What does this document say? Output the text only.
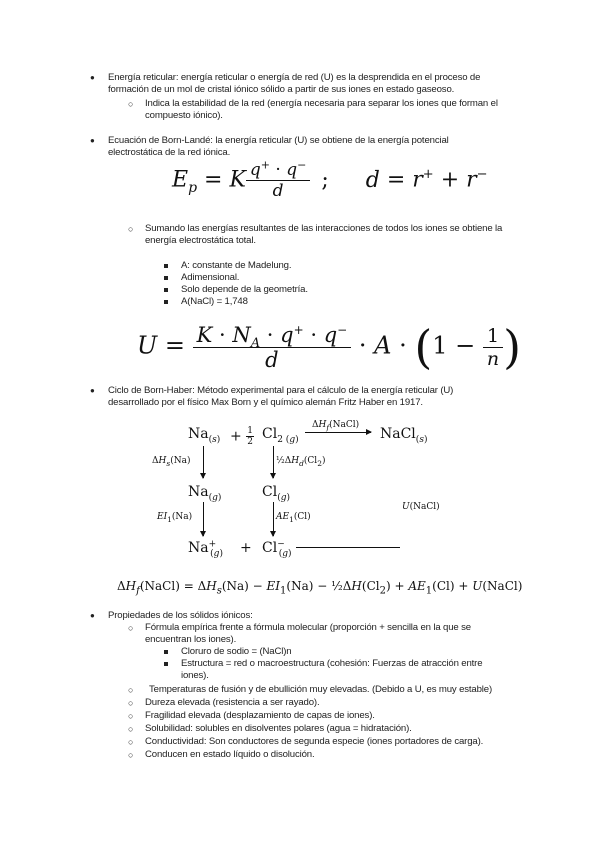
● Energía reticular: energía reticular o energía de red (U) es la desprendida en el proceso de
formación de un mol de cristal iónico sólido a partir de sus iones en estado gaseoso.
○ Indica la estabilidad de la red (energía necesaria para separar los iones que forman el
compuesto iónico).
● Ecuación de Born-Landé: la energía reticular (U) se obtiene de la energía potencial
electrostática de la red iónica.
$E_p = K \frac{q^+ \cdot q^-}{d}$ ; d = r+ + r−
○ Sumando las energías resultantes de las interacciones de todos los iones se obtiene la
energía electrostática total.
A: constante de Madelung.
Adimensional.
Solo depende de la geometría.
A(NaCl) = 1,748
$U = \frac{K \cdot N_A \cdot q^+ \cdot q^-}{d} \cdot A \cdot (1 - \frac{1}{n}$ )
● Ciclo de Born-Haber: Método experimental para el cálculo de la energía reticular (U)
desarrollado por el físico Max Born y el químico alemán Fritz Haber en 1917.
$Na_{(s)} + \frac{1}{2} Cl_{2 (g)}$
$\Delta H_f(NaCl)$
NaCl$_{(s)}$
$\Delta H_s(Na)$	$\frac{1}{2}\Delta H_d(Cl_2)$
$Na_{(g)}$	$Cl_{(g)}$
U(NaCl)
$EI_1(Na)$	$AE_1(Cl)$
$Na^+_{(g)} + Cl^-_{(g)}$
$\Delta H_f(NaCl) = \Delta H_s(Na) - EI_1(Na)$ − $\frac{1}{2}\Delta H(Cl_2) + AE_1(Cl)$ + U(NaCl)
● Propiedades de los sólidos iónicos:
○ Fórmula empírica frente a fórmula molecular (proporción + sencilla en la que se
encuentran los iones).
Cloruro de sodio = (NaCl)n
Estructura = red o macroestructura (cohesión: Fuerzas de atracción entre
iones).
○ Temperaturas de fusión y de ebullición muy elevadas. (Debido a U, es muy estable)
○ Dureza elevada (resistencia a ser rayado).
○ Fragilidad elevada (desplazamiento de capas de iones).
○ Solubilidad: solubles en disolventes polares (agua = hidratación).
○ Conductividad: Son conductores de segunda especie (iones portadores de carga).
○ Conducen en estado líquido o disolución.
